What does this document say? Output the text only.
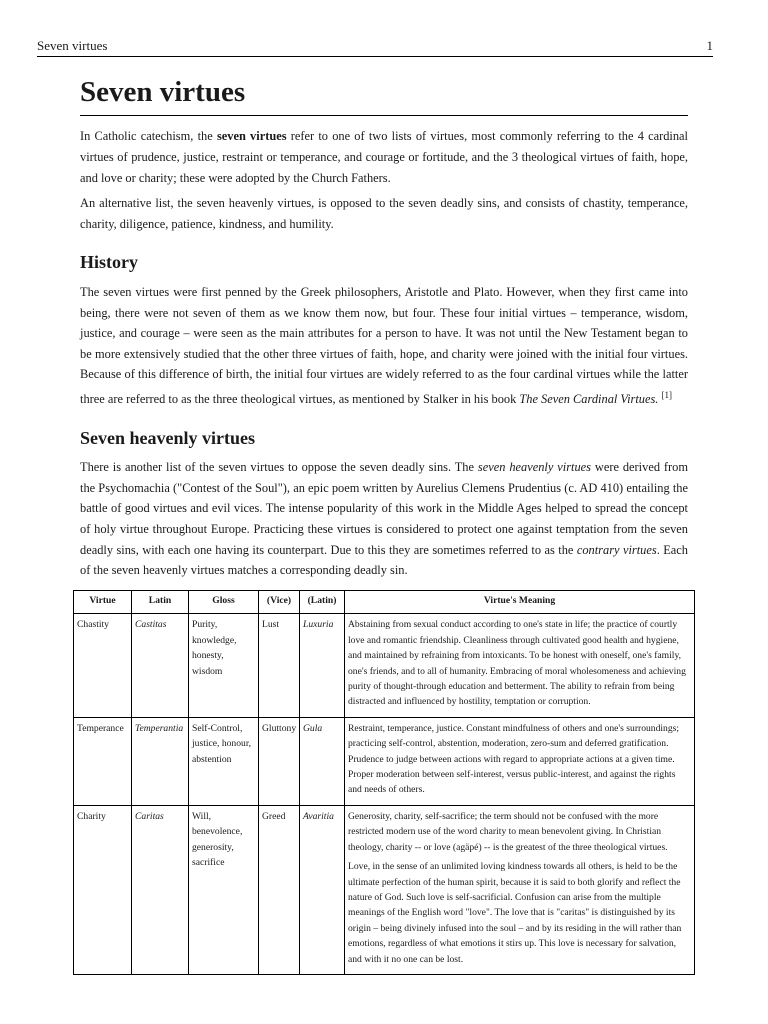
Seven virtues	1
Seven virtues

In Catholic catechism, the seven virtues refer to one of two lists of virtues, most commonly referring to the 4 cardinal virtues of prudence, justice, restraint or temperance, and courage or fortitude, and the 3 theological virtues of faith, hope, and love or charity; these were adopted by the Church Fathers.

An alternative list, the seven heavenly virtues, is opposed to the seven deadly sins, and consists of chastity, temperance, charity, diligence, patience, kindness, and humility.

History

The seven virtues were first penned by the Greek philosophers, Aristotle and Plato. However, when they first came into being, there were not seven of them as we know them now, but four. These four initial virtues – temperance, wisdom, justice, and courage – were seen as the main attributes for a person to have. It was not until the New Testament began to be more extensively studied that the other three virtues of faith, hope, and charity were joined with the initial four virtues. Because of this difference of birth, the initial four virtues are widely referred to as the four cardinal virtues while the latter three are referred to as the three theological virtues, as mentioned by Stalker in his book The Seven Cardinal Virtues. [1]

Seven heavenly virtues

There is another list of the seven virtues to oppose the seven deadly sins. The seven heavenly virtues were derived from the Psychomachia ("Contest of the Soul"), an epic poem written by Aurelius Clemens Prudentius (c. AD 410) entailing the battle of good virtues and evil vices. The intense popularity of this work in the Middle Ages helped to spread the concept of holy virtue throughout Europe. Practicing these virtues is considered to protect one against temptation from the seven deadly sins, with each one having its counterpart. Due to this they are sometimes referred to as the contrary virtues. Each of the seven heavenly virtues matches a corresponding deadly sin.

Virtue	Latin	Gloss	(Vice)	(Latin)	Virtue's Meaning
Chastity	Castitas	Purity, knowledge, honesty, wisdom	Lust	Luxuria	Abstaining from sexual conduct according to one's state in life; the practice of courtly love and romantic friendship. Cleanliness through cultivated good health and hygiene, and maintained by refraining from intoxicants. To be honest with oneself, one's family, one's friends, and to all of humanity. Embracing of moral wholesomeness and achieving purity of thought-through education and betterment. The ability to refrain from being distracted and influenced by hostility, temptation or corruption.

Temperance	Temperantia	Self-Control, justice, honour, abstention	Gluttony	Gula	Restraint, temperance, justice. Constant mindfulness of others and one's surroundings; practicing self-control, abstention, moderation, zero-sum and deferred gratification. Prudence to judge between actions with regard to appropriate actions at a given time. Proper moderation between self-interest, versus public-interest, and against the rights and needs of others.

Charity	Caritas	Will, benevolence, generosity, sacrifice	Greed	Avaritia	Generosity, charity, self-sacrifice; the term should not be confused with the more restricted modern use of the word charity to mean benevolent giving. In Christian theology, charity -- or love (agäpé) -- is the greatest of the three theological virtues.
Love, in the sense of an unlimited loving kindness towards all others, is held to be the ultimate perfection of the human spirit, because it is said to both glorify and reflect the nature of God. Such love is self-sacrificial. Confusion can arise from the multiple meanings of the English word "love". The love that is "caritas" is distinguished by its origin – being divinely infused into the soul – and by its residing in the will rather than emotions, regardless of what emotions it stirs up. This love is necessary for salvation, and with it no one can be lost.
